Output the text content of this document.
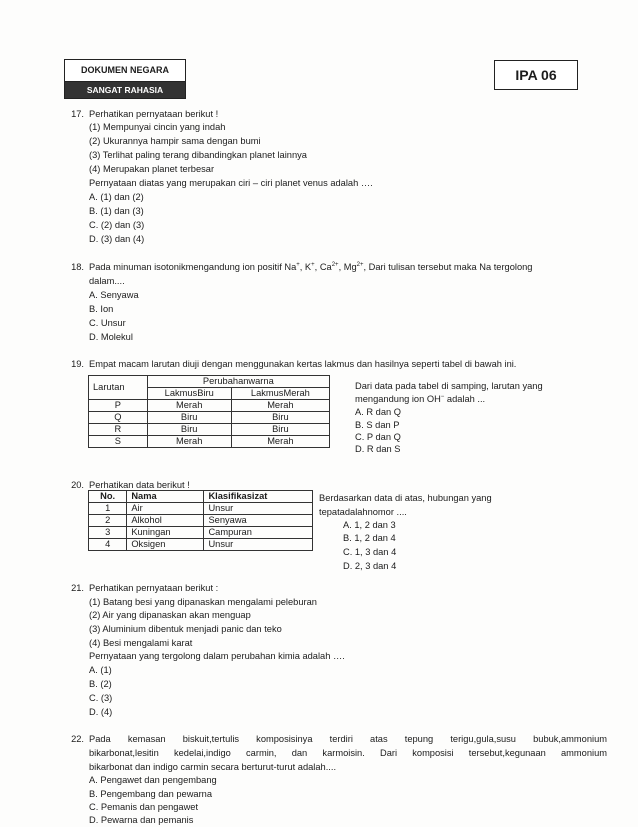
DOKUMEN NEGARA
SANGAT RAHASIA
IPA 06
17. Perhatikan pernyataan berikut !
(1) Mempunyai cincin yang indah
(2) Ukurannya hampir sama dengan bumi
(3) Terlihat paling terang dibandingkan planet lainnya
(4) Merupakan planet terbesar
Pernyataan diatas yang merupakan ciri – ciri planet venus adalah ….
A. (1) dan (2)
B. (1) dan (3)
C. (2) dan (3)
D. (3) dan (4)
18. Pada minuman isotonikmengandung ion positif Na+, K+, $Ca^{2+}$, $Mg^{2+}$, Dari tulisan tersebut maka Na tergolong
dalam....
A. Senyawa
B. Ion
C. Unsur
D. Molekul
19. Empat macam larutan diuji dengan menggunakan kertas lakmus dan hasilnya seperti tabel di bawah ini.
Larutan	Perubahanwarna	
	LakmusBiru	LakmusMerah
P	Merah	Merah
Q	Biru	Biru
R	Biru	Biru
S	Merah	Merah
Dari data pada tabel di samping, larutan yang
mengandung ion OH− adalah ...
A. R dan Q
B. S dan P
C. P dan Q
D. R dan S
20. Perhatikan data berikut !
No.	Nama	Klasifikasizat
1	Air	Unsur
2	Alkohol	Senyawa
3	Kuningan	Campuran
4	Oksigen	Unsur
Berdasarkan data di atas, hubungan yang
tepatadalahnomor ....
A. 1, 2 dan 3
B. 1, 2 dan 4
C. 1, 3 dan 4
D. 2, 3 dan 4
21. Perhatikan pernyataan berikut :
(1) Batang besi yang dipanaskan mengalami peleburan
(2) Air yang dipanaskan akan menguap
(3) Aluminium dibentuk menjadi panic dan teko
(4) Besi mengalami karat
Pernyataan yang tergolong dalam perubahan kimia adalah ….
A. (1)
B. (2)
C. (3)
D. (4)
22. Pada kemasan biskuit,tertulis komposisinya terdiri atas tepung terigu,gula,susu bubuk,ammonium
bikarbonat,lesitin kedelai,indigo carmin, dan karmoisin. Dari komposisi tersebut,kegunaan ammonium
bikarbonat dan indigo carmin secara berturut-turut adalah....
A. Pengawet dan pengembang
B. Pengembang dan pewarna
C. Pemanis dan pengawet
D. Pewarna dan pemanis
